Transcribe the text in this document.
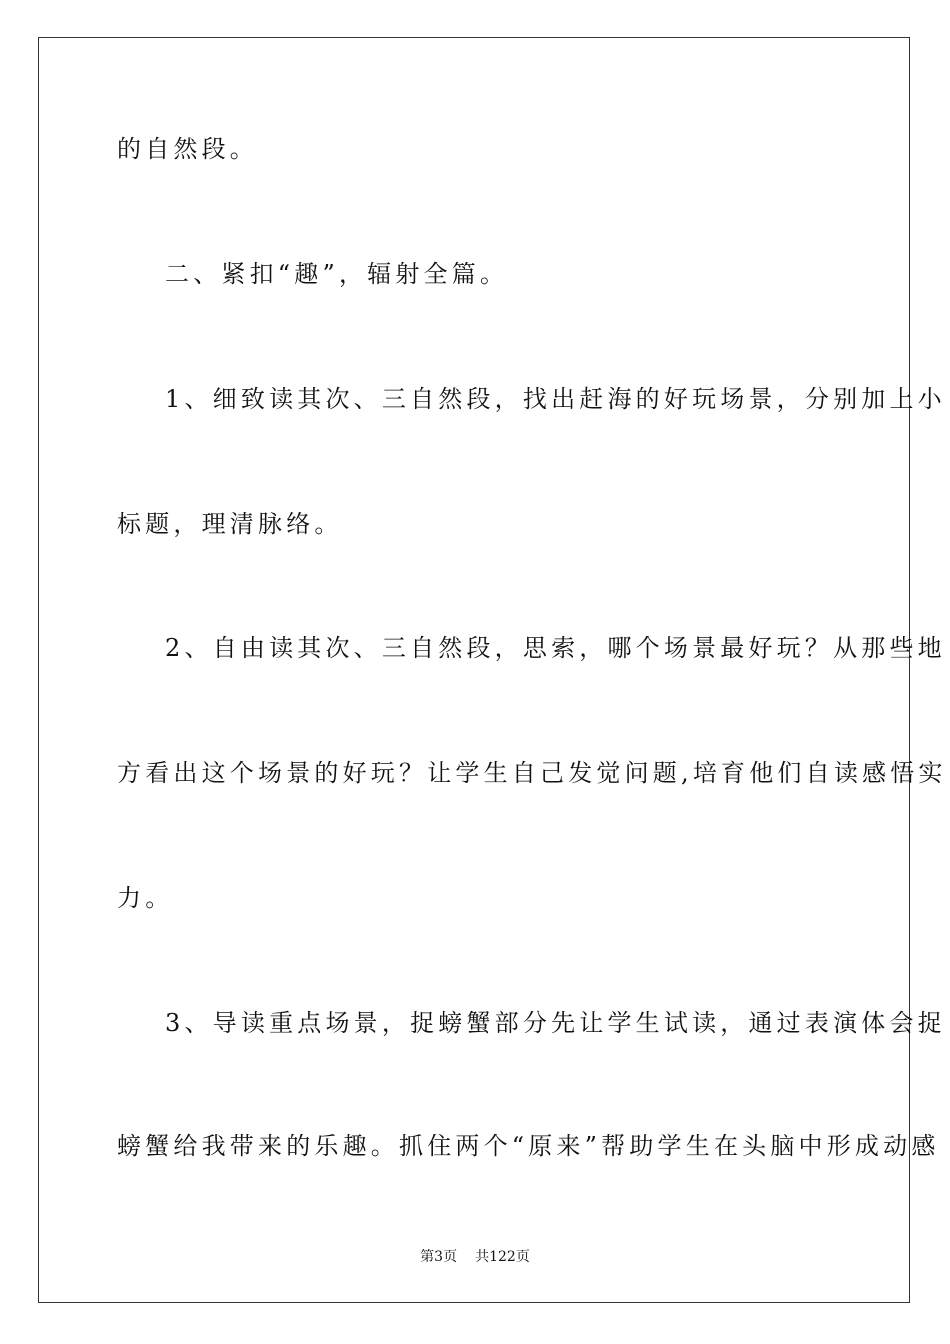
的自然段。

二、紧扣“趣”，辐射全篇。

1、细致读其次、三自然段，找出赶海的好玩场景，分别加上小

标题，理清脉络。

2、自由读其次、三自然段，思索，哪个场景最好玩？从那些地

方看出这个场景的好玩？让学生自己发觉问题,培育他们自读感悟实

力。

3、导读重点场景，捉螃蟹部分先让学生试读，通过表演体会捉

螃蟹给我带来的乐趣。抓住两个“原来”帮助学生在头脑中形成动感

第3页 共122页
